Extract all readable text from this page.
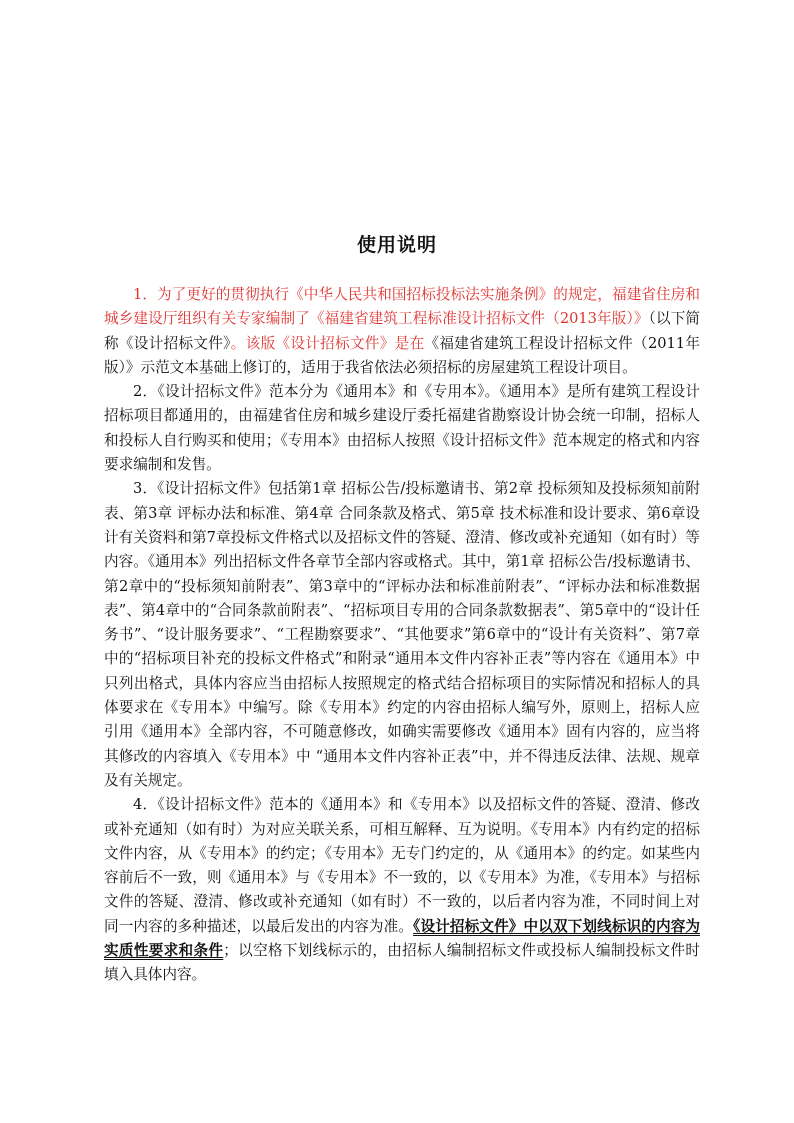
使用说明

1．为了更好的贯彻执行《中华人民共和国招标投标法实施条例》的规定，福建省住房和城乡建设厅组织有关专家编制了《福建省建筑工程标准设计招标文件（2013年版）》（以下简称《设计招标文件》。该版《设计招标文件》是在《福建省建筑工程设计招标文件（2011年版）》示范文本基础上修订的，适用于我省依法必须招标的房屋建筑工程设计项目。

2．《设计招标文件》范本分为《通用本》和《专用本》。《通用本》是所有建筑工程设计招标项目都通用的，由福建省住房和城乡建设厅委托福建省勘察设计协会统一印制，招标人和投标人自行购买和使用；《专用本》由招标人按照《设计招标文件》范本规定的格式和内容要求编制和发售。

3．《设计招标文件》包括第1章 招标公告/投标邀请书、第2章 投标须知及投标须知前附表、第3章 评标办法和标准、第4章 合同条款及格式、第5章 技术标准和设计要求、第6章设计有关资料和第7章投标文件格式以及招标文件的答疑、澄清、修改或补充通知（如有时）等内容。《通用本》列出招标文件各章节全部内容或格式。其中，第1章 招标公告/投标邀请书、第2章中的“投标须知前附表”、第3章中的“评标办法和标准前附表”、“评标办法和标准数据表”、第4章中的“合同条款前附表”、“招标项目专用的合同条款数据表”、第5章中的“设计任务书”、“设计服务要求”、“工程勘察要求”、“其他要求”第6章中的“设计有关资料”、第7章中的“招标项目补充的投标文件格式”和附录“通用本文件内容补正表”等内容在《通用本》中只列出格式，具体内容应当由招标人按照规定的格式结合招标项目的实际情况和招标人的具体要求在《专用本》中编写。除《专用本》约定的内容由招标人编写外，原则上，招标人应引用《通用本》全部内容，不可随意修改，如确实需要修改《通用本》固有内容的，应当将其修改的内容填入《专用本》中 “通用本文件内容补正表”中，并不得违反法律、法规、规章及有关规定。

4．《设计招标文件》范本的《通用本》和《专用本》以及招标文件的答疑、澄清、修改或补充通知（如有时）为对应关联关系，可相互解释、互为说明。《专用本》内有约定的招标文件内容，从《专用本》的约定；《专用本》无专门约定的，从《通用本》的约定。如某些内容前后不一致，则《通用本》与《专用本》不一致的，以《专用本》为准，《专用本》与招标文件的答疑、澄清、修改或补充通知（如有时）不一致的，以后者内容为准，不同时间上对同一内容的多种描述，以最后发出的内容为准。《设计招标文件》中以双下划线标识的内容为实质性要求和条件；以空格下划线标示的，由招标人编制招标文件或投标人编制投标文件时填入具体内容。
